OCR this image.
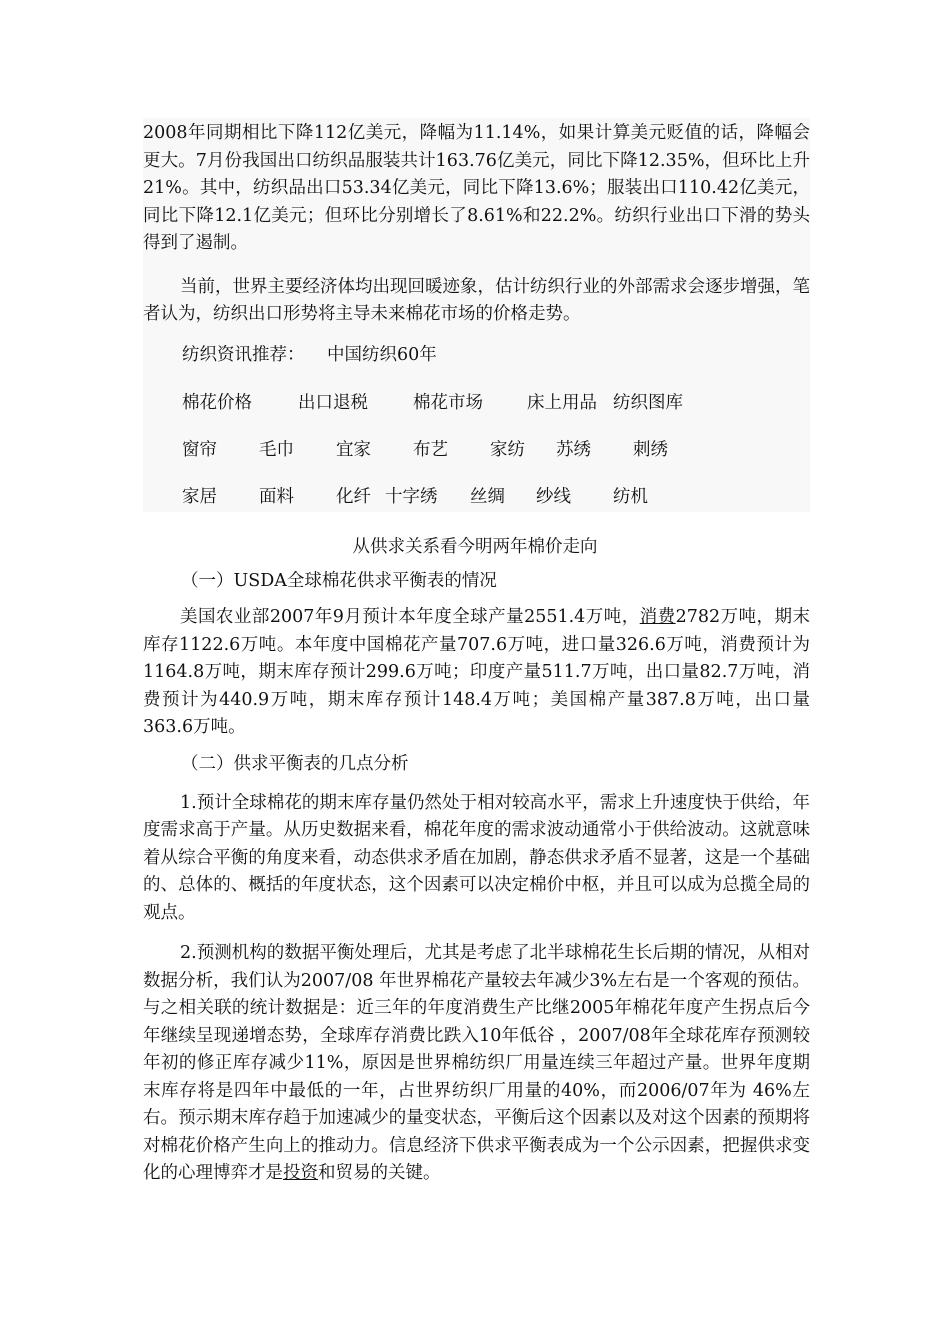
2008年同期相比下降112亿美元，降幅为11.14%，如果计算美元贬值的话，降幅会更大。7月份我国出口纺织品服装共计163.76亿美元，同比下降12.35%，但环比上升21%。其中，纺织品出口53.34亿美元，同比下降13.6%；服装出口110.42亿美元，同比下降12.1亿美元；但环比分别增长了8.61%和22.2%。纺织行业出口下滑的势头得到了遏制。

当前，世界主要经济体均出现回暖迹象，估计纺织行业的外部需求会逐步增强，笔者认为，纺织出口形势将主导未来棉花市场的价格走势。

纺织资讯推荐： 中国纺织60年
棉花价格	出口退税	棉花市场	床上用品 纺织图库
窗帘 毛巾 宜家 布艺 家纺 苏绣 刺绣
家居 面料 化纤 十字绣 丝绸 纱线 纺机
从供求关系看今明两年棉价走向
（一）USDA全球棉花供求平衡表的情况

美国农业部2007年9月预计本年度全球产量2551.4万吨，消费2782万吨，期末库存1122.6万吨。本年度中国棉花产量707.6万吨，进口量326.6万吨，消费预计为1164.8万吨，期末库存预计299.6万吨；印度产量511.7万吨，出口量82.7万吨，消费预计为440.9万吨，期末库存预计148.4万吨；美国棉产量387.8万吨，出口量363.6万吨。

（二）供求平衡表的几点分析

1.预计全球棉花的期末库存量仍然处于相对较高水平，需求上升速度快于供给，年度需求高于产量。从历史数据来看，棉花年度的需求波动通常小于供给波动。这就意味着从综合平衡的角度来看，动态供求矛盾在加剧，静态供求矛盾不显著，这是一个基础的、总体的、概括的年度状态，这个因素可以决定棉价中枢，并且可以成为总揽全局的观点。

2.预测机构的数据平衡处理后，尤其是考虑了北半球棉花生长后期的情况，从相对数据分析，我们认为2007/08 年世界棉花产量较去年减少3%左右是一个客观的预估。与之相关联的统计数据是：近三年的年度消费生产比继2005年棉花年度产生拐点后今年继续呈现递增态势，全球库存消费比跌入10年低谷 ，2007/08年全球花库存预测较年初的修正库存减少11%，原因是世界棉纺织厂用量连续三年超过产量。世界年度期末库存将是四年中最低的一年，占世界纺织厂用量的40%，而2006/07年为 46%左右。预示期末库存趋于加速减少的量变状态，平衡后这个因素以及对这个因素的预期将对棉花价格产生向上的推动力。信息经济下供求平衡表成为一个公示因素，把握供求变化的心理博弈才是投资和贸易的关键。
